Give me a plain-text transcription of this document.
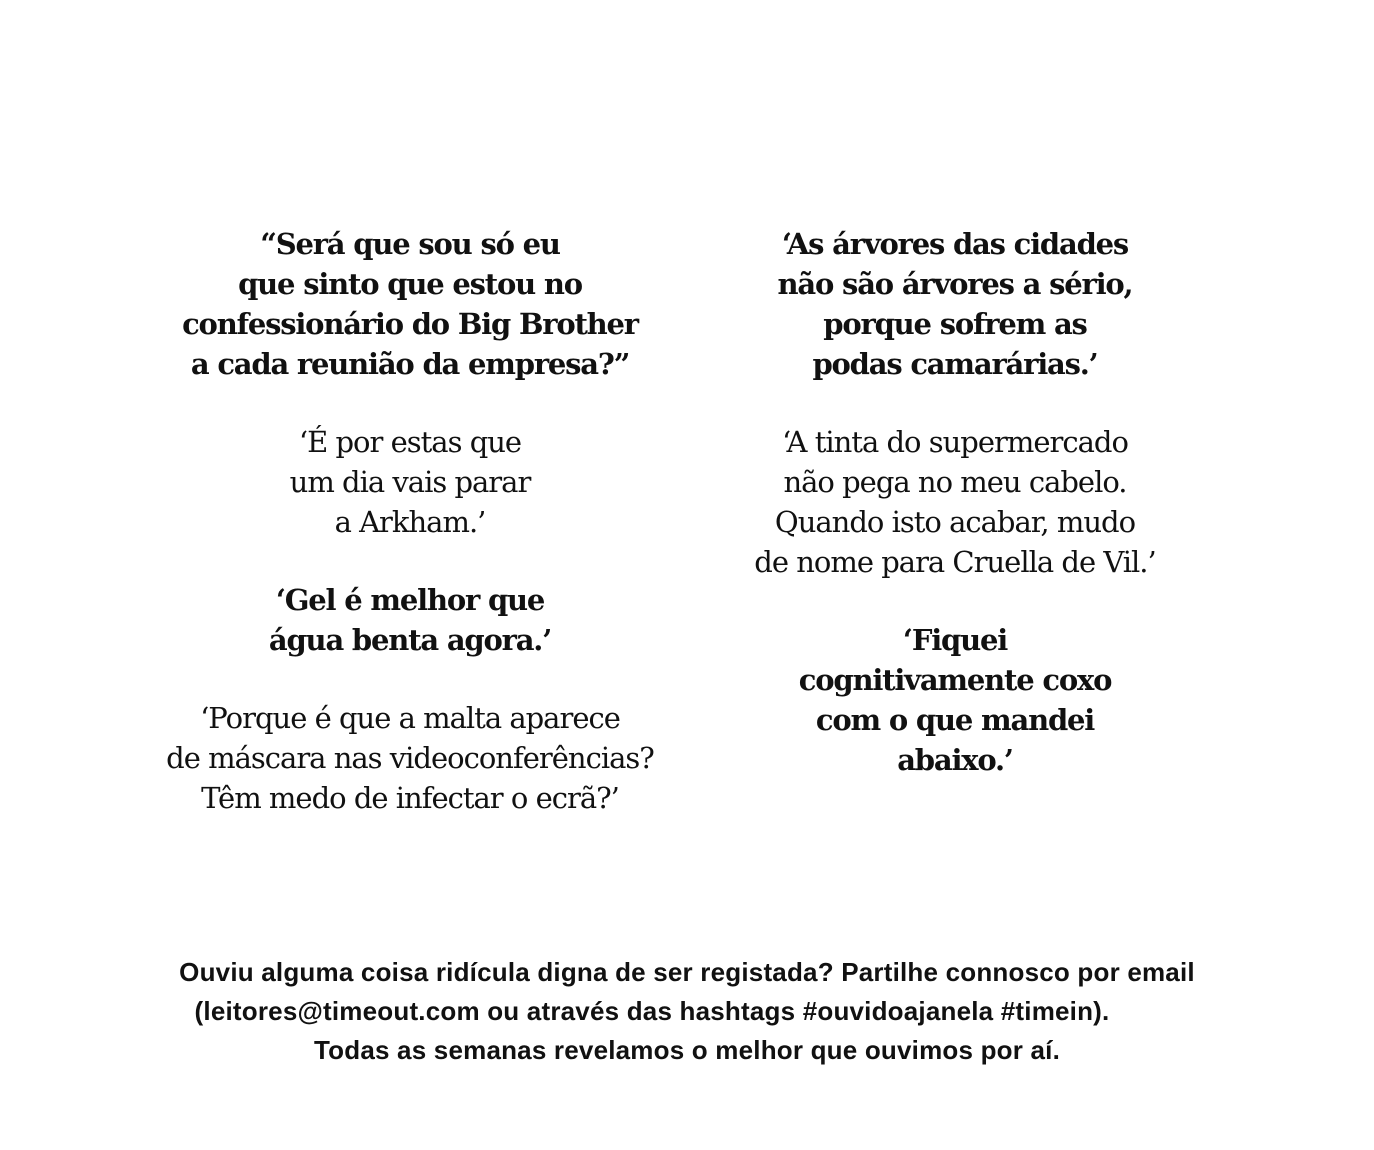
“Será que sou só eu
que sinto que estou no
confessionário do Big Brother
a cada reunião da empresa?”

‘É por estas que
um dia vais parar
a Arkham.’

‘Gel é melhor que
água benta agora.’

‘Porque é que a malta aparece
de máscara nas videoconferências?
Têm medo de infectar o ecrã?’

‘As árvores das cidades
não são árvores a sério,
porque sofrem as
podas camarárias.’

‘A tinta do supermercado
não pega no meu cabelo.
Quando isto acabar, mudo
de nome para Cruella de Vil.’

‘Fiquei
cognitivamente coxo
com o que mandei
abaixo.’

Ouviu alguma coisa ridícula digna de ser registada? Partilhe connosco por email
(leitores@timeout.com ou através das hashtags #ouvidoajanela #timein).
Todas as semanas revelamos o melhor que ouvimos por aí.
